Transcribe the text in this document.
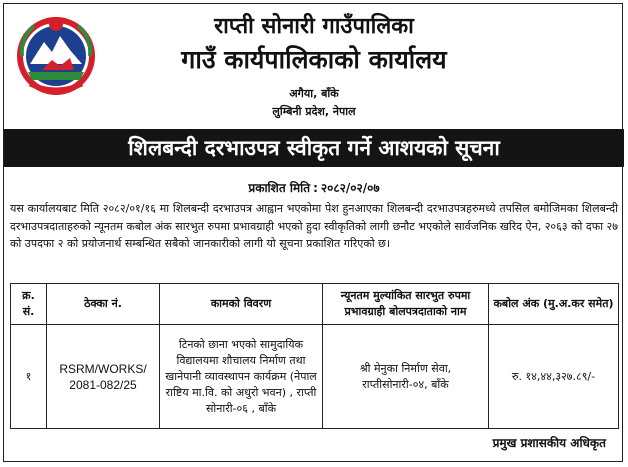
राप्ती सोनारी गाउँपालिका
गाउँ कार्यपालिकाको कार्यालय
अगैया, बाँके
लुम्बिनी प्रदेश, नेपाल
शिलबन्दी दरभाउपत्र स्वीकृत गर्ने आशयको सूचना
प्रकाशित मिति : २०८२/०२/०७
यस कार्यालयबाट मिति २०८२/०१/१६ मा शिलबन्दी दरभाउपत्र आह्वान भएकोमा पेश हुनआएका शिलबन्दी दरभाउपत्रहरुमध्ये तपसिल बमोजिमका शिलबन्दी दरभाउपत्रदाताहरुको न्यूनतम कबोल अंक सारभुत रुपमा प्रभावग्राही भएको हुदा स्वीकृतिको लागी छनौट भएकोले सार्वजनिक खरिद ऐन, २०६३ को दफा २७ को उपदफा २ को प्रयोजनार्थ सम्बन्धित सबैको जानकारीको लागी यो सूचना प्रकाशित गरिएको छ।
क्र. सं.	ठेक्का नं.	कामको विवरण	न्यूनतम मुल्यांकित सारभुत रुपमा प्रभावग्राही बोलपत्रदाताको नाम	कबोल अंक (मु.अ.कर समेत)
१	RSRM/WORKS/ 2081-082/25	टिनको छाना भएको सामुदायिक विद्यालयमा शौचालय निर्माण तथा खानेपानी व्यावस्थापन कार्यक्रम (नेपाल राष्टिय मा.वि. को अधुरो भवन) , राप्ती सोनारी-०६ , बाँके	श्री मेनुका निर्माण सेवा, राप्तीसोनारी-०४, बाँके	रु. १४,४४,३२७.८९/-
प्रमुख प्रशासकीय अधिकृत
